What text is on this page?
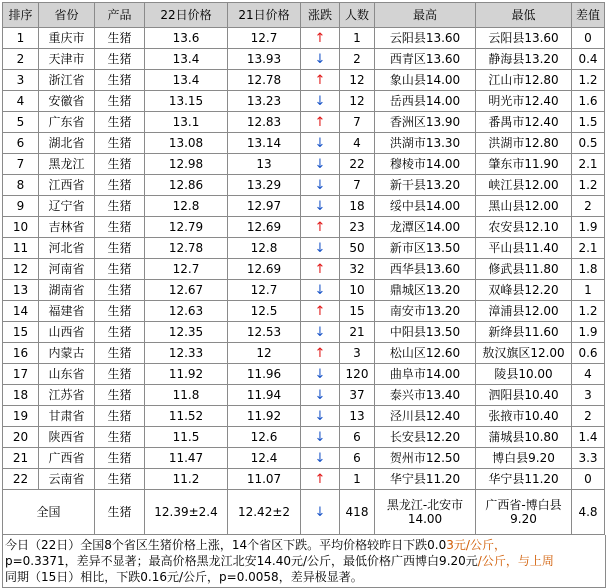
排序	省份	产品	22日价格	21日价格	涨跌	人数	最高	最低	差值
1	重庆市	生猪	13.6	12.7	↑	1	云阳县13.60	云阳县13.60	0
2	天津市	生猪	13.4	13.93	↓	2	西青区13.60	静海县13.20	0.4
3	浙江省	生猪	13.4	12.78	↑	12	象山县14.00	江山市12.80	1.2
4	安徽省	生猪	13.15	13.23	↓	12	岳西县14.00	明光市12.40	1.6
5	广东省	生猪	13.1	12.83	↑	7	香洲区13.90	番禺市12.40	1.5
6	湖北省	生猪	13.08	13.14	↓	4	洪湖市13.30	洪湖市12.80	0.5
7	黑龙江	生猪	12.98	13	↓	22	穆棱市14.00	肇东市11.90	2.1
8	江西省	生猪	12.86	13.29	↓	7	新干县13.20	峡江县12.00	1.2
9	辽宁省	生猪	12.8	12.97	↓	18	绥中县14.00	黑山县12.00	2
10	吉林省	生猪	12.79	12.69	↑	23	龙潭区14.00	农安县12.10	1.9
11	河北省	生猪	12.78	12.8	↓	50	新市区13.50	平山县11.40	2.1
12	河南省	生猪	12.7	12.69	↑	32	西华县13.60	修武县11.80	1.8
13	湖南省	生猪	12.67	12.7	↓	10	鼎城区13.20	双峰县12.20	1
14	福建省	生猪	12.63	12.5	↑	15	南安市13.20	漳浦县12.00	1.2
15	山西省	生猪	12.35	12.53	↓	21	中阳县13.50	新绛县11.60	1.9
16	内蒙古	生猪	12.33	12	↑	3	松山区12.60	敖汉旗区12.00	0.6
17	山东省	生猪	11.92	11.96	↓	120	曲阜市14.00	陵县10.00	4
18	江苏省	生猪	11.8	11.94	↓	37	泰兴市13.40	泗阳县10.40	3
19	甘肃省	生猪	11.52	11.92	↓	13	泾川县12.40	张掖市10.40	2
20	陕西省	生猪	11.5	12.6	↓	6	长安县12.20	蒲城县10.80	1.4
21	广西省	生猪	11.47	12.4	↓	6	贺州市12.50	博白县9.20	3.3
22	云南省	生猪	11.2	11.07	↑	1	华宁县11.20	华宁县11.20	0
全国		生猪	12.39±2.4	12.42±2	↓	418	黑龙江-北安市14.00	广西省-博白县9.20	4.8
今日（22日）全国8个省区生猪价格上涨，14个省区下跌。平均价格较昨日下跌0.03元/公斤，
p=0.3371，差异不显著；最高价格黑龙江北安14.40元/公斤，最低价格广西博白9.20元/公斤，与上周
同期（15日）相比，下跌0.16元/公斤，p=0.0058，差异极显著。
